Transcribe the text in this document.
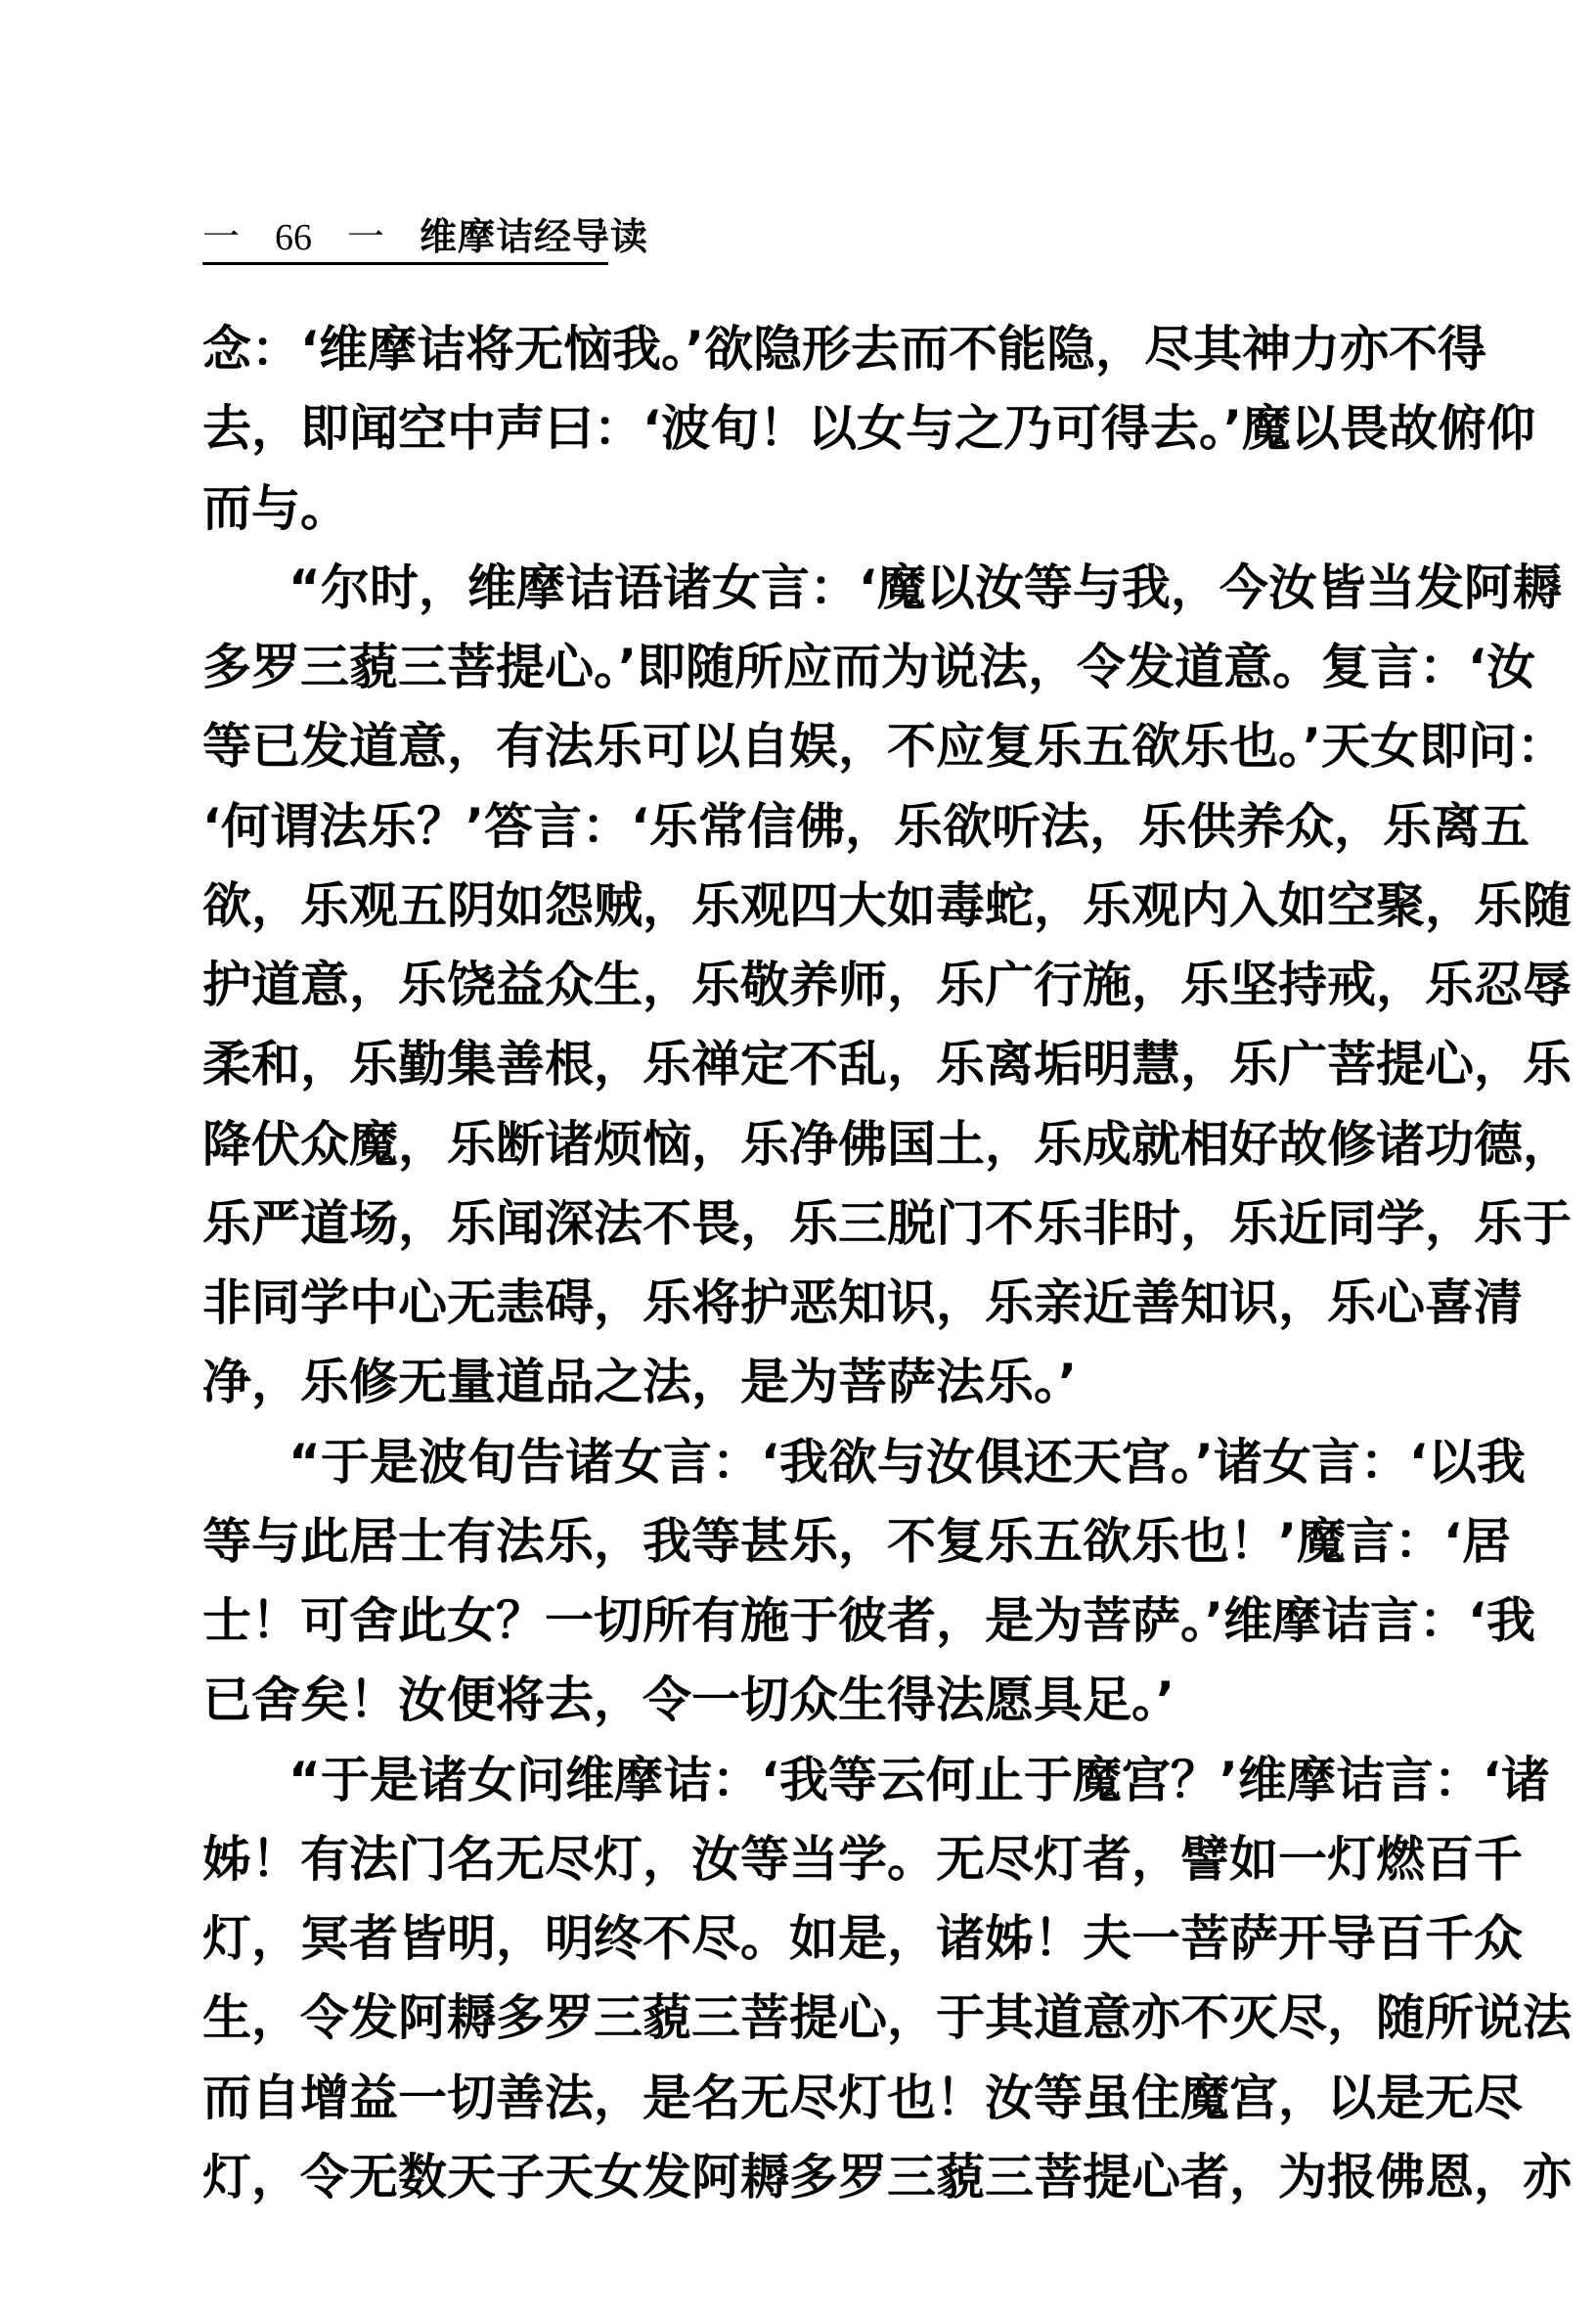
一 66 一 维摩诘经导读
念：‘维摩诘将无恼我。’欲隐形去而不能隐，尽其神力亦不得
去，即闻空中声曰：‘波旬！以女与之乃可得去。’魔以畏故俯仰
而与。
“尔时，维摩诘语诸女言：‘魔以汝等与我，今汝皆当发阿耨
多罗三藐三菩提心。’即随所应而为说法，令发道意。复言：‘汝
等已发道意，有法乐可以自娱，不应复乐五欲乐也。’天女即问：
‘何谓法乐？’答言：‘乐常信佛，乐欲听法，乐供养众，乐离五
欲，乐观五阴如怨贼，乐观四大如毒蛇，乐观内入如空聚，乐随
护道意，乐饶益众生，乐敬养师，乐广行施，乐坚持戒，乐忍辱
柔和，乐勤集善根，乐禅定不乱，乐离垢明慧，乐广菩提心，乐
降伏众魔，乐断诸烦恼，乐净佛国土，乐成就相好故修诸功德，
乐严道场，乐闻深法不畏，乐三脱门不乐非时，乐近同学，乐于
非同学中心无恚碍，乐将护恶知识，乐亲近善知识，乐心喜清
净，乐修无量道品之法，是为菩萨法乐。’
“于是波旬告诸女言：‘我欲与汝俱还天宫。’诸女言：‘以我
等与此居士有法乐，我等甚乐，不复乐五欲乐也！’魔言：‘居
士！可舍此女？一切所有施于彼者，是为菩萨。’维摩诘言：‘我
已舍矣！汝便将去，令一切众生得法愿具足。’
“于是诸女问维摩诘：‘我等云何止于魔宫？’维摩诘言：‘诸
姊！有法门名无尽灯，汝等当学。无尽灯者，譬如一灯燃百千
灯，冥者皆明，明终不尽。如是，诸姊！夫一菩萨开导百千众
生，令发阿耨多罗三藐三菩提心，于其道意亦不灭尽，随所说法
而自增益一切善法，是名无尽灯也！汝等虽住魔宫，以是无尽
灯，令无数天子天女发阿耨多罗三藐三菩提心者，为报佛恩，亦
